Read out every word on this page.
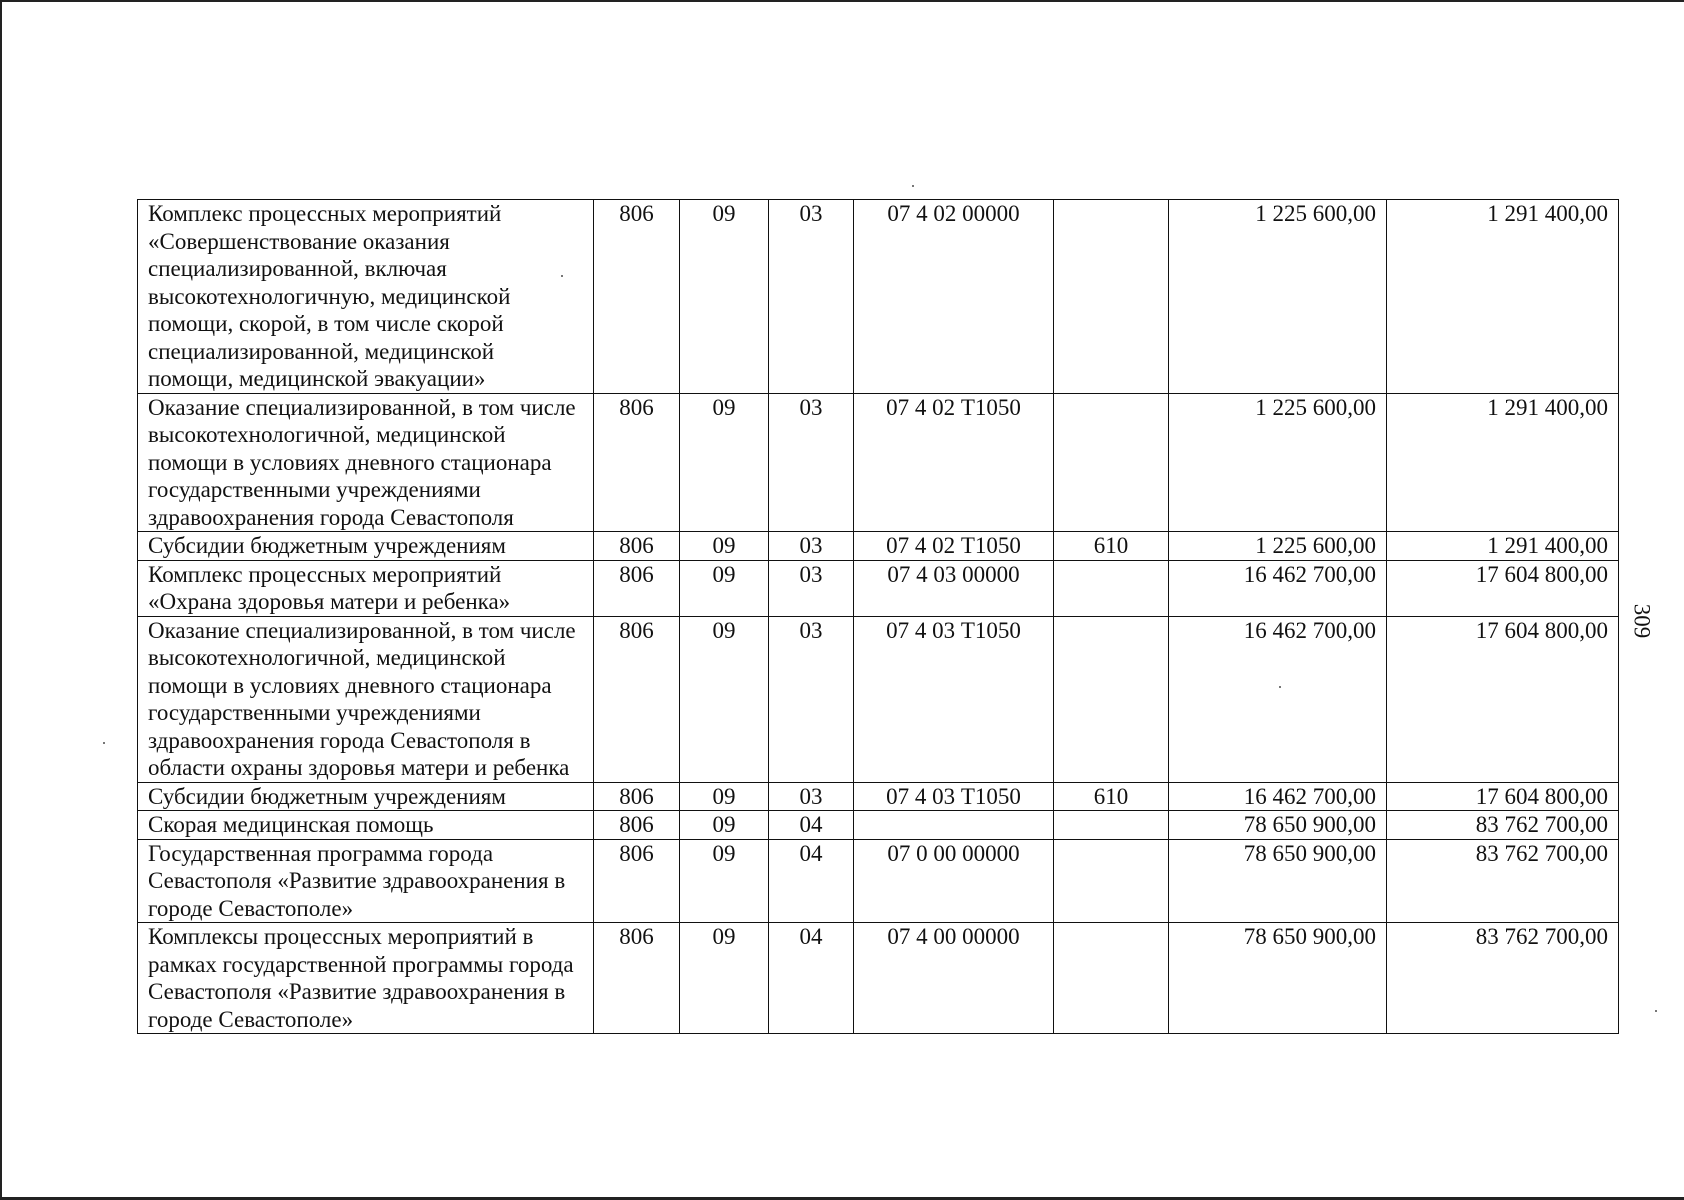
309
Комплекс процессных мероприятий «Совершенствование оказания специализированной, включая высокотехнологичную, медицинской помощи, скорой, в том числе скорой специализированной, медицинской помощи, медицинской эвакуации»	806	09	03	07 4 02 00000		1 225 600,00	1 291 400,00
Оказание специализированной, в том числе высокотехнологичной, медицинской помощи в условиях дневного стационара государственными учреждениями здравоохранения города Севастополя	806	09	03	07 4 02 Т1050		1 225 600,00	1 291 400,00
Субсидии бюджетным учреждениям	806	09	03	07 4 02 Т1050	610	1 225 600,00	1 291 400,00
Комплекс процессных мероприятий «Охрана здоровья матери и ребенка»	806	09	03	07 4 03 00000		16 462 700,00	17 604 800,00
Оказание специализированной, в том числе высокотехнологичной, медицинской помощи в условиях дневного стационара государственными учреждениями здравоохранения города Севастополя в области охраны здоровья матери и ребенка	806	09	03	07 4 03 Т1050		16 462 700,00	17 604 800,00
Субсидии бюджетным учреждениям	806	09	03	07 4 03 Т1050	610	16 462 700,00	17 604 800,00
Скорая медицинская помощь	806	09	04			78 650 900,00	83 762 700,00
Государственная программа города Севастополя «Развитие здравоохранения в городе Севастополе»	806	09	04	07 0 00 00000		78 650 900,00	83 762 700,00
Комплексы процессных мероприятий в рамках государственной программы города Севастополя «Развитие здравоохранения в городе Севастополе»	806	09	04	07 4 00 00000		78 650 900,00	83 762 700,00
